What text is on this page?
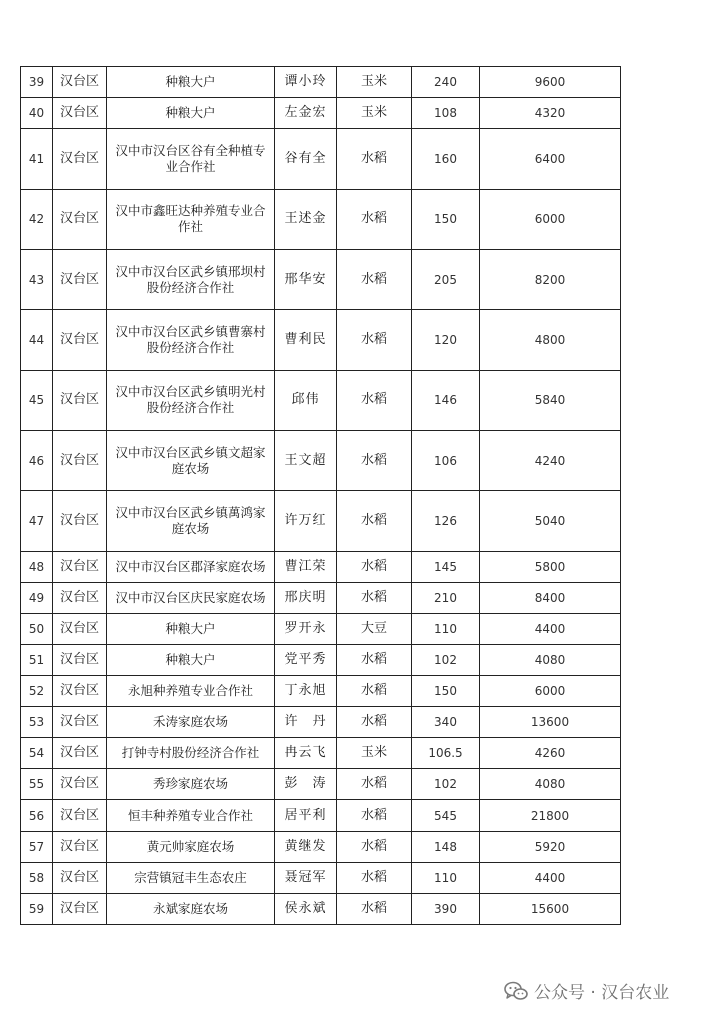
39	汉台区	种粮大户	谭小玲	玉米	240	9600
40	汉台区	种粮大户	左金宏	玉米	108	4320
41	汉台区	汉中市汉台区谷有全种植专业合作社	谷有全	水稻	160	6400
42	汉台区	汉中市鑫旺达种养殖专业合作社	王述金	水稻	150	6000
43	汉台区	汉中市汉台区武乡镇邢坝村股份经济合作社	邢华安	水稻	205	8200
44	汉台区	汉中市汉台区武乡镇曹寨村股份经济合作社	曹利民	水稻	120	4800
45	汉台区	汉中市汉台区武乡镇明光村股份经济合作社	邱伟	水稻	146	5840
46	汉台区	汉中市汉台区武乡镇文超家庭农场	王文超	水稻	106	4240
47	汉台区	汉中市汉台区武乡镇萬鸿家庭农场	许万红	水稻	126	5040
48	汉台区	汉中市汉台区郡泽家庭农场	曹江荣	水稻	145	5800
49	汉台区	汉中市汉台区庆民家庭农场	邢庆明	水稻	210	8400
50	汉台区	种粮大户	罗开永	大豆	110	4400
51	汉台区	种粮大户	党平秀	水稻	102	4080
52	汉台区	永旭种养殖专业合作社	丁永旭	水稻	150	6000
53	汉台区	禾涛家庭农场	许　丹	水稻	340	13600
54	汉台区	打钟寺村股份经济合作社	冉云飞	玉米	106.5	4260
55	汉台区	秀珍家庭农场	彭　涛	水稻	102	4080
56	汉台区	恒丰种养殖专业合作社	居平利	水稻	545	21800
57	汉台区	黄元帅家庭农场	黄继发	水稻	148	5920
58	汉台区	宗营镇冠丰生态农庄	聂冠军	水稻	110	4400
59	汉台区	永斌家庭农场	侯永斌	水稻	390	15600
公众号 · 汉台农业
